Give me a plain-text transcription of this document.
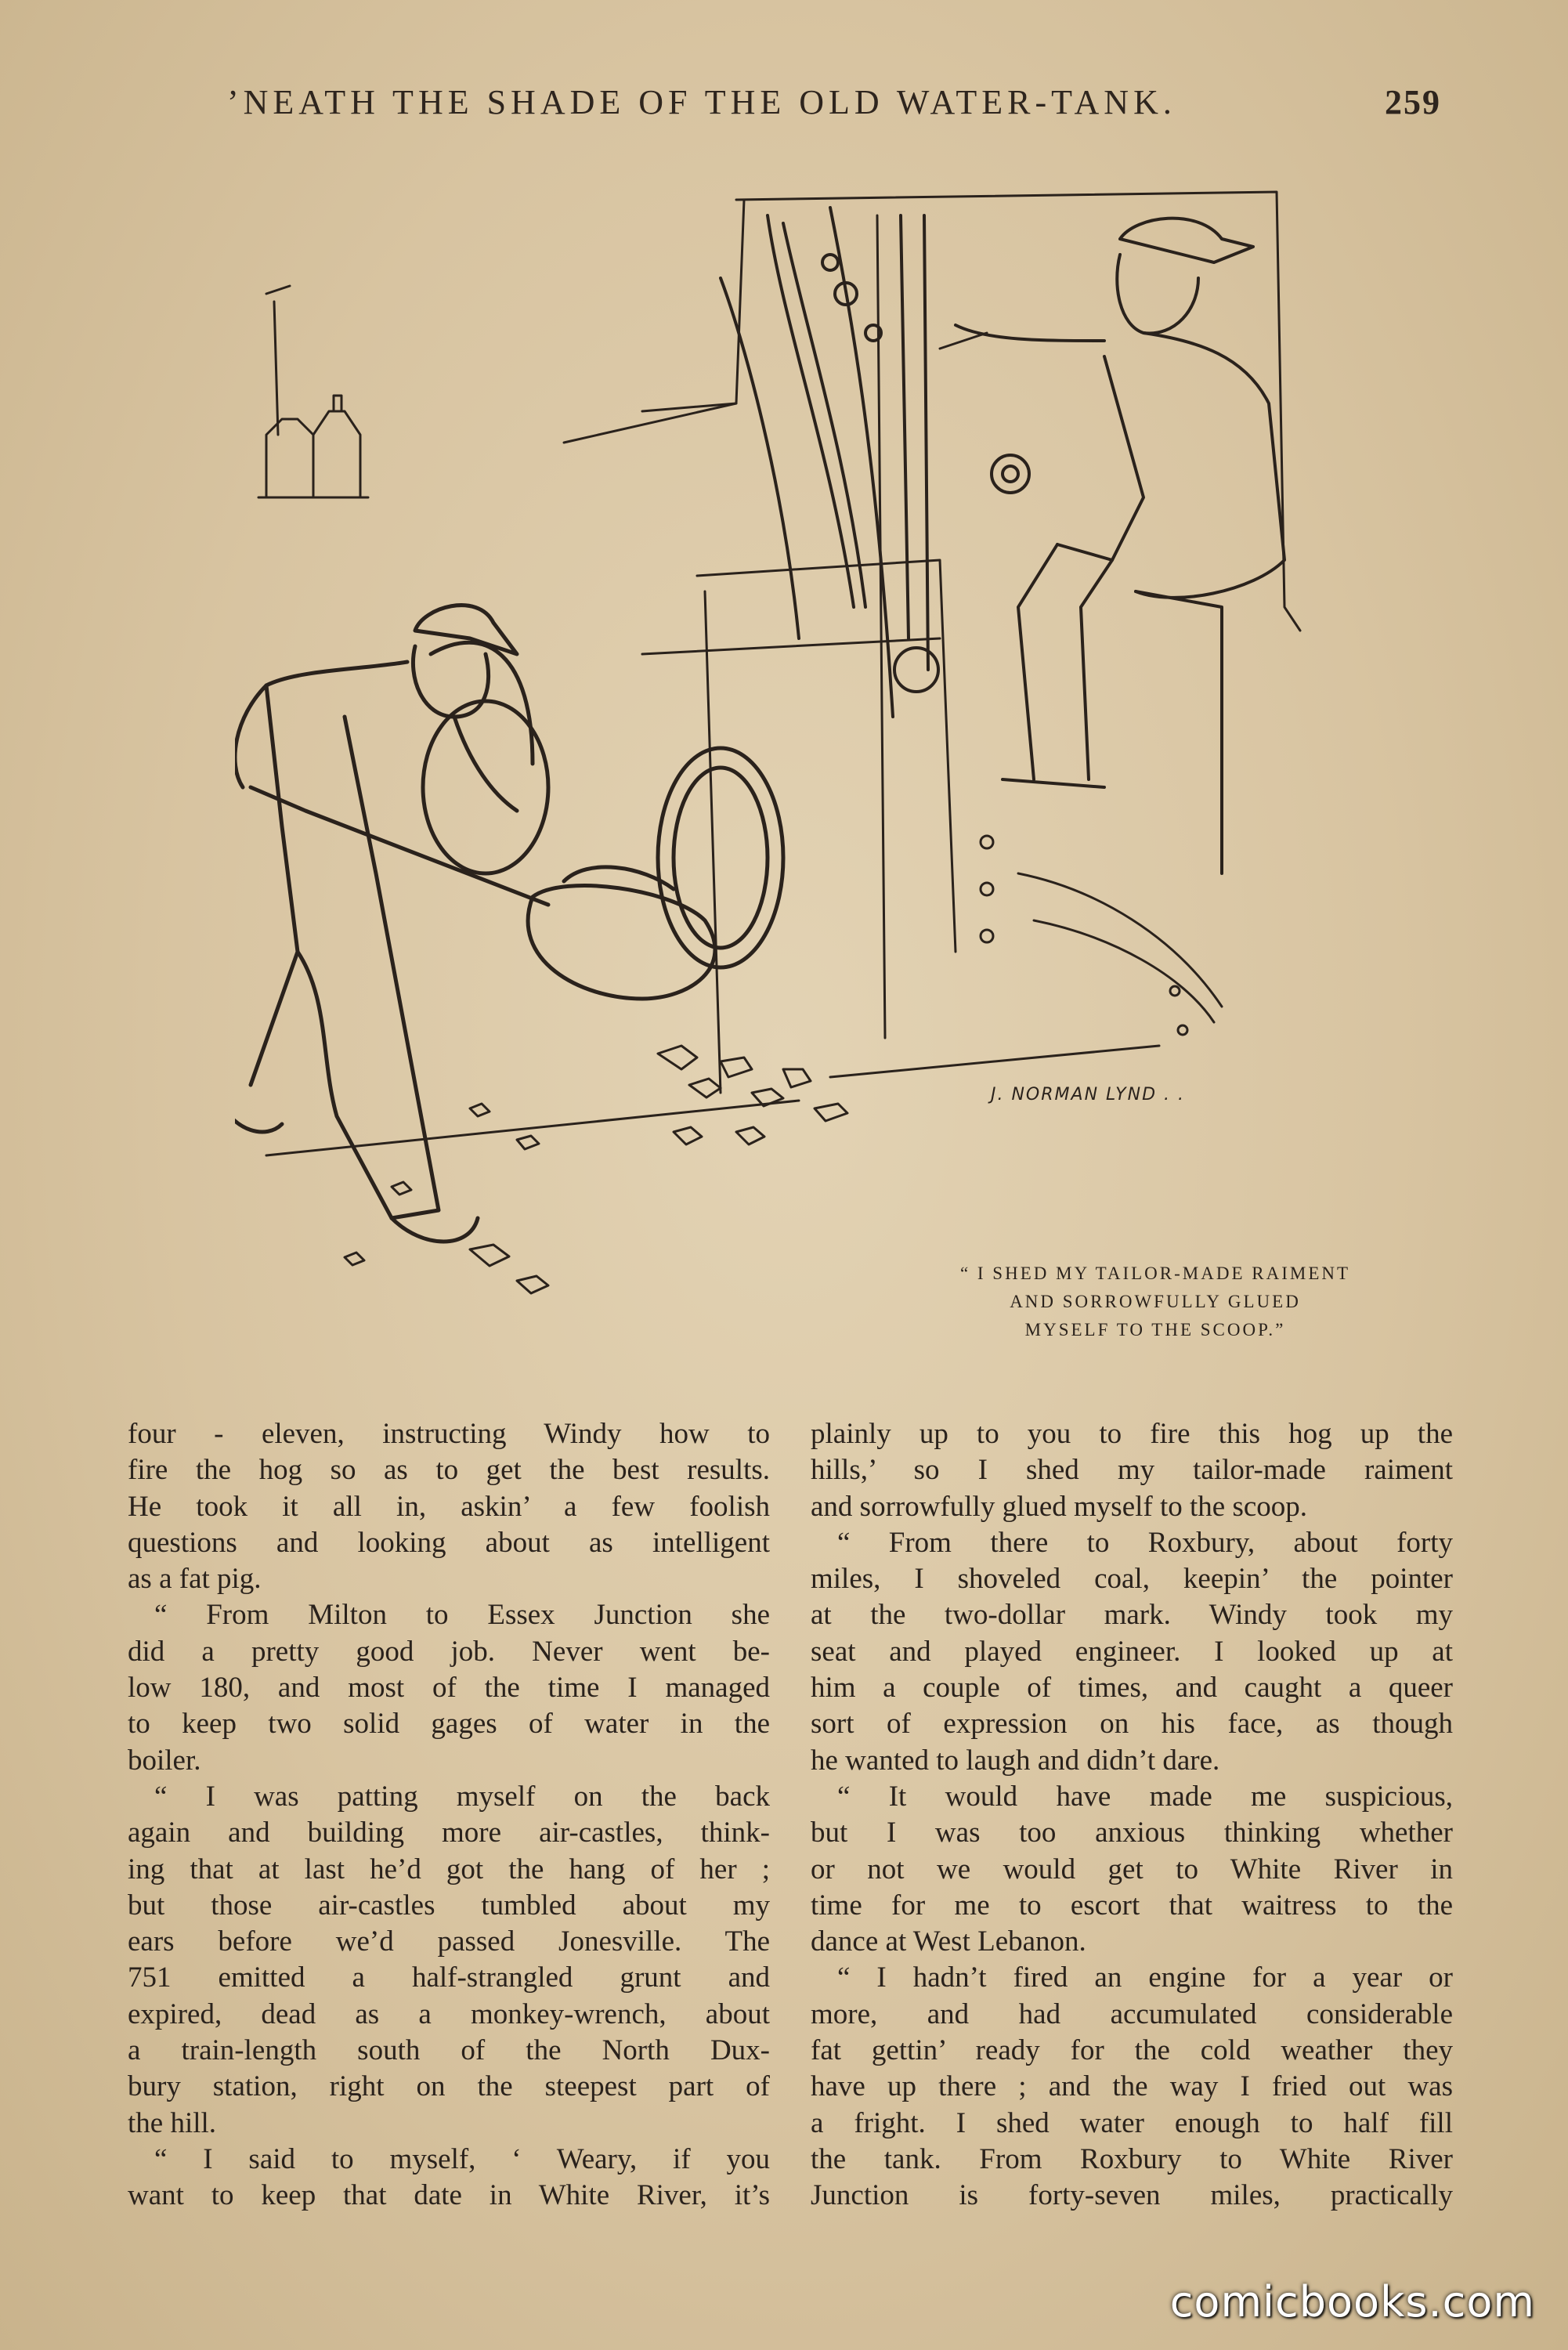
’NEATH THE SHADE OF THE OLD WATER-TANK.	259
J. NORMAN LYND . .
“ I SHED MY TAILOR-MADE RAIMENT
AND SORROWFULLY GLUED
MYSELF TO THE SCOOP.”
four - eleven, instructing Windy how to
fire the hog so as to get the best results.
He took it all in, askin’ a few foolish
questions and looking about as intelligent
as a fat pig.
“ From Milton to Essex Junction she
did a pretty good job. Never went be-
low 180, and most of the time I managed
to keep two solid gages of water in the
boiler.
“ I was patting myself on the back
again and building more air-castles, think-
ing that at last he’d got the hang of her ;
but those air-castles tumbled about my
ears before we’d passed Jonesville. The
751 emitted a half-strangled grunt and
expired, dead as a monkey-wrench, about
a train-length south of the North Dux-
bury station, right on the steepest part of
the hill.
“ I said to myself, ‘ Weary, if you
want to keep that date in White River, it’s
plainly up to you to fire this hog up the
hills,’ so I shed my tailor-made raiment
and sorrowfully glued myself to the scoop.
“ From there to Roxbury, about forty
miles, I shoveled coal, keepin’ the pointer
at the two-dollar mark. Windy took my
seat and played engineer. I looked up at
him a couple of times, and caught a queer
sort of expression on his face, as though
he wanted to laugh and didn’t dare.
“ It would have made me suspicious,
but I was too anxious thinking whether
or not we would get to White River in
time for me to escort that waitress to the
dance at West Lebanon.
“ I hadn’t fired an engine for a year or
more, and had accumulated considerable
fat gettin’ ready for the cold weather they
have up there ; and the way I fried out was
a fright. I shed water enough to half fill
the tank. From Roxbury to White River
Junction is forty-seven miles, practically
comicbooks.com
